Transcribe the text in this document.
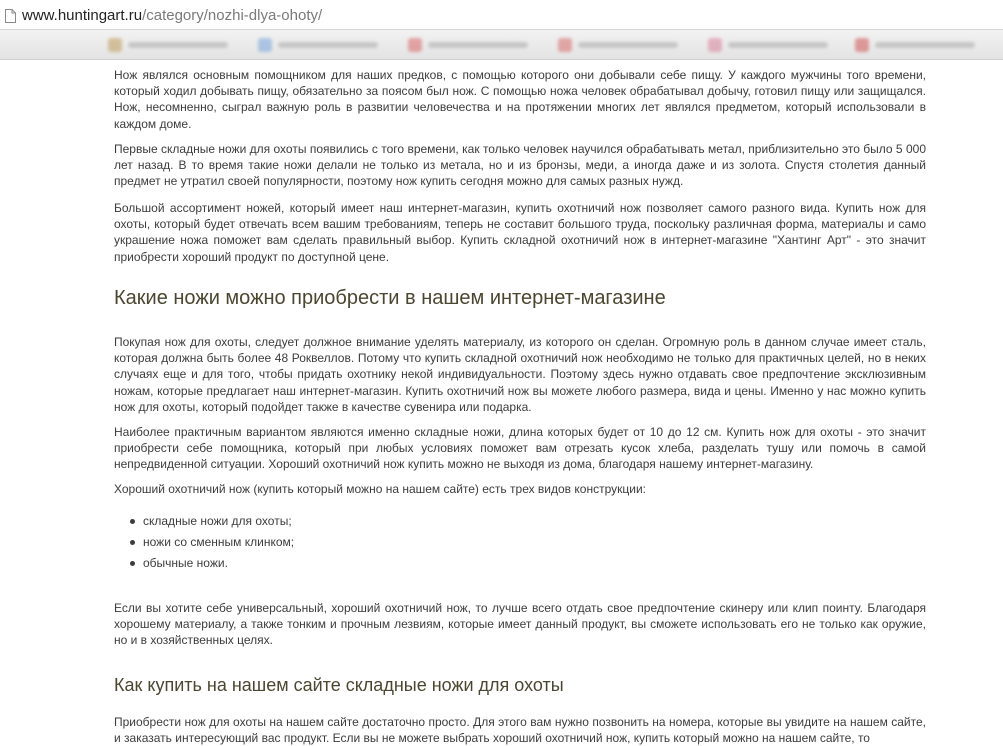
www.huntingart.ru/category/nozhi-dlya-ohoty/

Нож являлся основным помощником для наших предков, с помощью которого они добывали себе пищу. У каждого мужчины того времени, который ходил добывать пищу, обязательно за поясом был нож. С помощью ножа человек обрабатывал добычу, готовил пищу или защищался. Нож, несомненно, сыграл важную роль в развитии человечества и на протяжении многих лет являлся предметом, который использовали в каждом доме.

Первые складные ножи для охоты появились с того времени, как только человек научился обрабатывать метал, приблизительно это было 5 000 лет назад. В то время такие ножи делали не только из метала, но и из бронзы, меди, а иногда даже и из золота. Спустя столетия данный предмет не утратил своей популярности, поэтому нож купить сегодня можно для самых разных нужд.

Большой ассортимент ножей, который имеет наш интернет-магазин, купить охотничий нож позволяет самого разного вида. Купить нож для охоты, который будет отвечать всем вашим требованиям, теперь не составит большого труда, поскольку различная форма, материалы и само украшение ножа поможет вам сделать правильный выбор. Купить складной охотничий нож в интернет-магазине "Хантинг Арт" - это значит приобрести хороший продукт по доступной цене.

Какие ножи можно приобрести в нашем интернет-магазине

Покупая нож для охоты, следует должное внимание уделять материалу, из которого он сделан. Огромную роль в данном случае имеет сталь, которая должна быть более 48 Роквеллов. Потому что купить складной охотничий нож необходимо не только для практичных целей, но в неких случаях еще и для того, чтобы придать охотнику некой индивидуальности. Поэтому здесь нужно отдавать свое предпочтение эксклюзивным ножам, которые предлагает наш интернет-магазин. Купить охотничий нож вы можете любого размера, вида и цены. Именно у нас можно купить нож для охоты, который подойдет также в качестве сувенира или подарка.

Наиболее практичным вариантом являются именно складные ножи, длина которых будет от 10 до 12 см. Купить нож для охоты - это значит приобрести себе помощника, который при любых условиях поможет вам отрезать кусок хлеба, разделать тушу или помочь в самой непредвиденной ситуации. Хороший охотничий нож купить можно не выходя из дома, благодаря нашему интернет-магазину.

Хороший охотничий нож (купить который можно на нашем сайте) есть трех видов конструкции:

складные ножи для охоты;
ножи со сменным клинком;
обычные ножи.

Если вы хотите себе универсальный, хороший охотничий нож, то лучше всего отдать свое предпочтение скинеру или клип поинту. Благодаря хорошему материалу, а также тонким и прочным лезвиям, которые имеет данный продукт, вы сможете использовать его не только как оружие, но и в хозяйственных целях.

Как купить на нашем сайте складные ножи для охоты

Приобрести нож для охоты на нашем сайте достаточно просто. Для этого вам нужно позвонить на номера, которые вы увидите на нашем сайте, и заказать интересующий вас продукт. Если вы не можете выбрать хороший охотничий нож, купить который можно на нашем сайте, то
